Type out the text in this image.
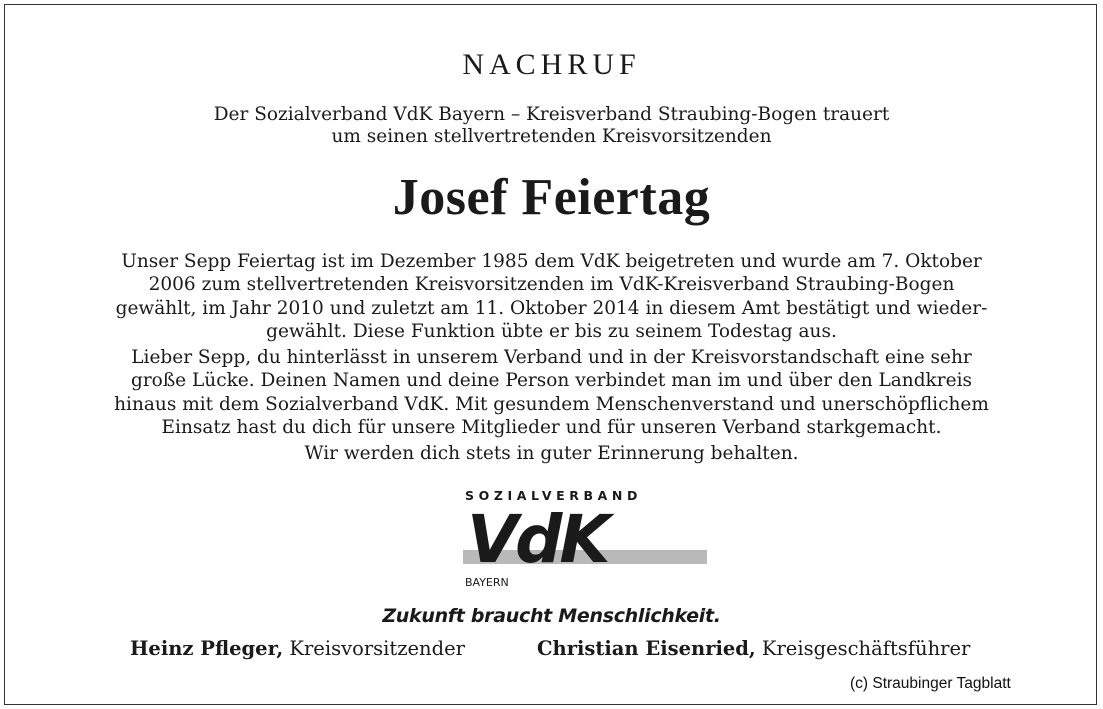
NACHRUF
Der Sozialverband VdK Bayern – Kreisverband Straubing-Bogen trauert
um seinen stellvertretenden Kreisvorsitzenden
Josef Feiertag

Unser Sepp Feiertag ist im Dezember 1985 dem VdK beigetreten und wurde am 7. Oktober
2006 zum stellvertretenden Kreisvorsitzenden im VdK-Kreisverband Straubing-Bogen
gewählt, im Jahr 2010 und zuletzt am 11. Oktober 2014 in diesem Amt bestätigt und wieder-
gewählt. Diese Funktion übte er bis zu seinem Todestag aus.

Lieber Sepp, du hinterlässt in unserem Verband und in der Kreisvorstandschaft eine sehr
große Lücke. Deinen Namen und deine Person verbindet man im und über den Landkreis
hinaus mit dem Sozialverband VdK. Mit gesundem Menschenverstand und unerschöpflichem
Einsatz hast du dich für unsere Mitglieder und für unseren Verband starkgemacht.

Wir werden dich stets in guter Erinnerung behalten.

SOZIALVERBAND
VdK
BAYERN
Zukunft braucht Menschlichkeit.
Heinz Pfleger, Kreisvorsitzender	Christian Eisenried, Kreisgeschäftsführer
(c) Straubinger Tagblatt
